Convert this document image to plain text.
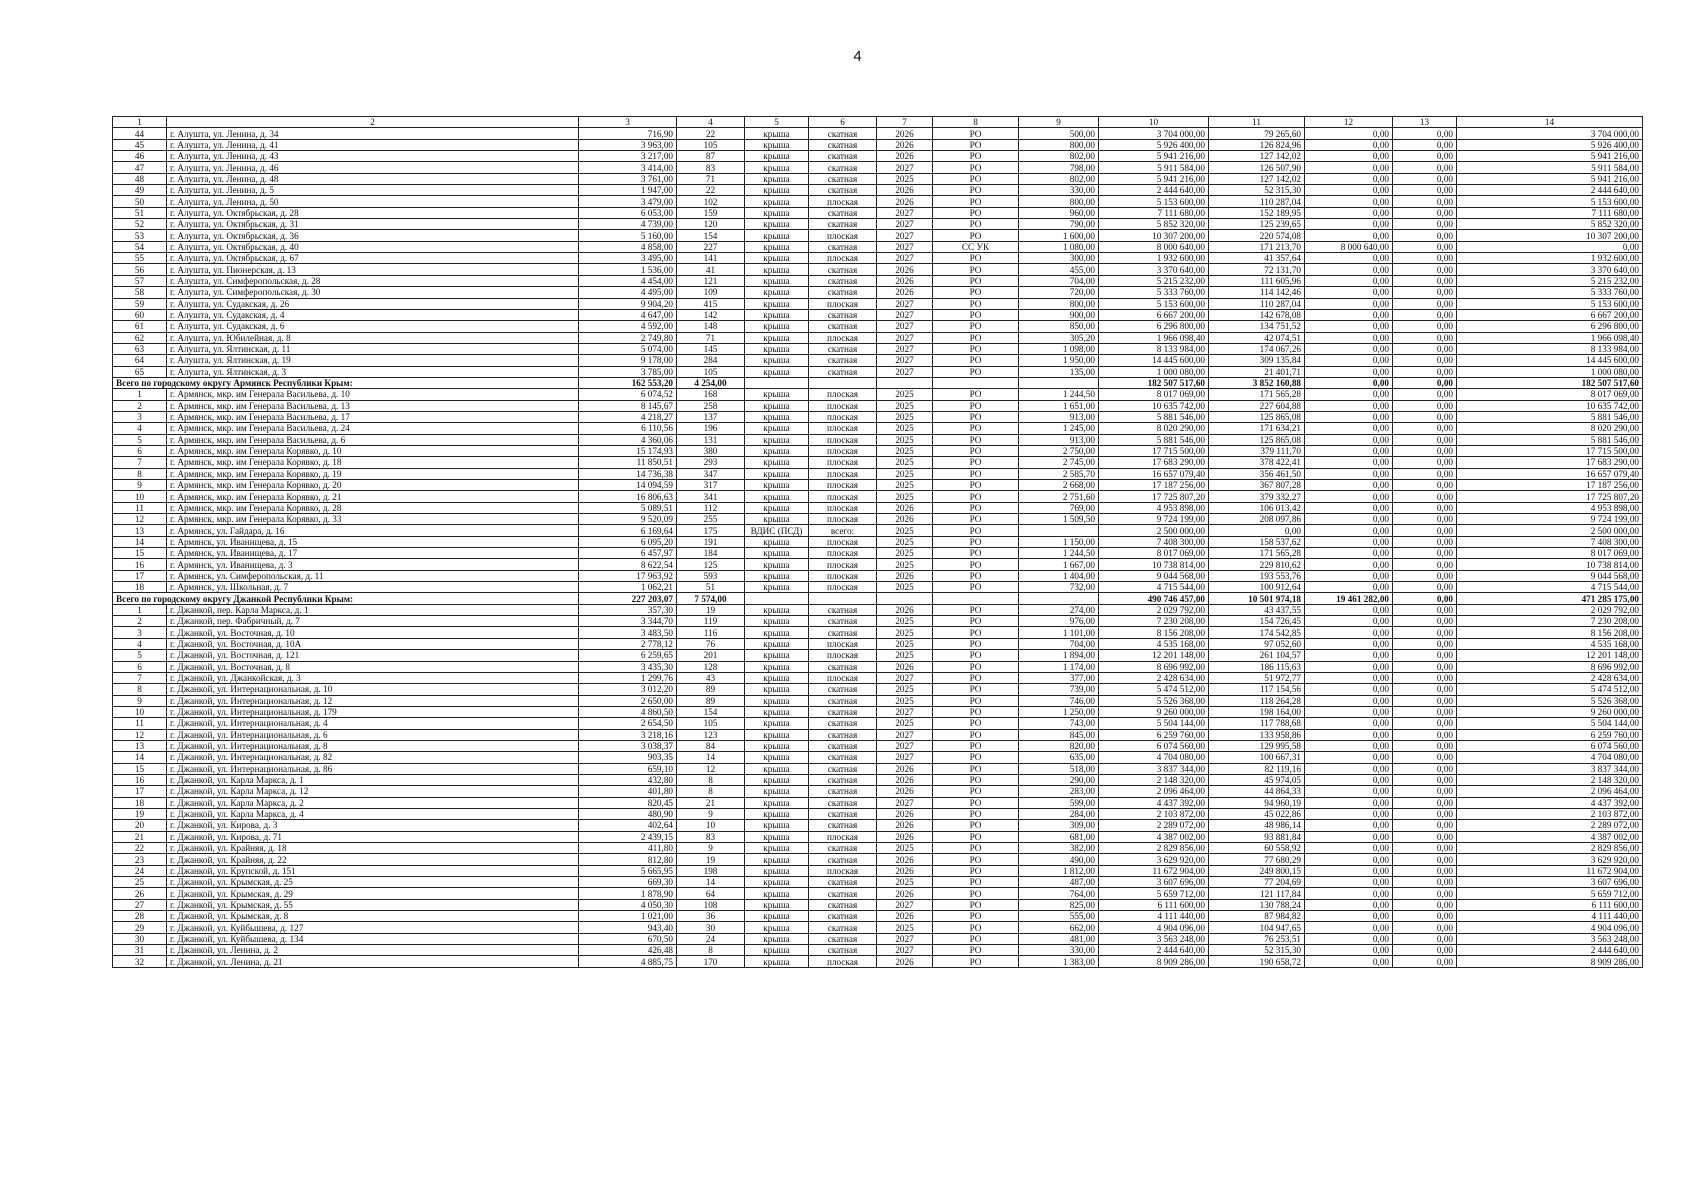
4
1	2	3	4	5	6	7	8	9	10	11	12	13	14
44	г. Алушта, ул. Ленина, д. 34	716,90	22	крыша	скатная	2026	РО	500,00	3 704 000,00	79 265,60	0,00	0,00	3 704 000,00
45	г. Алушта, ул. Ленина, д. 41	3 963,00	105	крыша	скатная	2026	РО	800,00	5 926 400,00	126 824,96	0,00	0,00	5 926 400,00
46	г. Алушта, ул. Ленина, д. 43	3 217,00	87	крыша	скатная	2026	РО	802,00	5 941 216,00	127 142,02	0,00	0,00	5 941 216,00
47	г. Алушта, ул. Ленина, д. 46	3 414,00	83	крыша	скатная	2027	РО	798,00	5 911 584,00	126 507,90	0,00	0,00	5 911 584,00
48	г. Алушта, ул. Ленина, д. 48	3 761,00	71	крыша	скатная	2025	РО	802,00	5 941 216,00	127 142,02	0,00	0,00	5 941 216,00
49	г. Алушта, ул. Ленина, д. 5	1 947,00	22	крыша	скатная	2026	РО	330,00	2 444 640,00	52 315,30	0,00	0,00	2 444 640,00
50	г. Алушта, ул. Ленина, д. 50	3 479,00	102	крыша	плоская	2026	РО	800,00	5 153 600,00	110 287,04	0,00	0,00	5 153 600,00
51	г. Алушта, ул. Октябрьская, д. 28	6 053,00	159	крыша	скатная	2027	РО	960,00	7 111 680,00	152 189,95	0,00	0,00	7 111 680,00
52	г. Алушта, ул. Октябрьская, д. 31	4 739,00	120	крыша	скатная	2027	РО	790,00	5 852 320,00	125 239,65	0,00	0,00	5 852 320,00
53	г. Алушта, ул. Октябрьская, д. 36	5 160,00	154	крыша	плоская	2027	РО	1 600,00	10 307 200,00	220 574,08	0,00	0,00	10 307 200,00
54	г. Алушта, ул. Октябрьская, д. 40	4 858,00	227	крыша	скатная	2027	СС УК	1 080,00	8 000 640,00	171 213,70	8 000 640,00	0,00	0,00
55	г. Алушта, ул. Октябрьская, д. 67	3 495,00	141	крыша	плоская	2027	РО	300,00	1 932 600,00	41 357,64	0,00	0,00	1 932 600,00
56	г. Алушта, ул. Пионерская, д. 13	1 536,00	41	крыша	скатная	2026	РО	455,00	3 370 640,00	72 131,70	0,00	0,00	3 370 640,00
57	г. Алушта, ул. Симферопольская, д. 28	4 454,00	121	крыша	скатная	2026	РО	704,00	5 215 232,00	111 605,96	0,00	0,00	5 215 232,00
58	г. Алушта, ул. Симферопольская, д. 30	4 495,00	109	крыша	скатная	2026	РО	720,00	5 333 760,00	114 142,46	0,00	0,00	5 333 760,00
59	г. Алушта, ул. Судакская, д. 26	9 904,20	415	крыша	плоская	2027	РО	800,00	5 153 600,00	110 287,04	0,00	0,00	5 153 600,00
60	г. Алушта, ул. Судакская, д. 4	4 647,00	142	крыша	скатная	2027	РО	900,00	6 667 200,00	142 678,08	0,00	0,00	6 667 200,00
61	г. Алушта, ул. Судакская, д. 6	4 592,00	148	крыша	скатная	2027	РО	850,00	6 296 800,00	134 751,52	0,00	0,00	6 296 800,00
62	г. Алушта, ул. Юбилейная, д. 8	2 749,80	71	крыша	плоская	2027	РО	305,20	1 966 098,40	42 074,51	0,00	0,00	1 966 098,40
63	г. Алушта, ул. Ялтинская, д. 11	5 074,00	145	крыша	скатная	2027	РО	1 098,00	8 133 984,00	174 067,26	0,00	0,00	8 133 984,00
64	г. Алушта, ул. Ялтинская, д. 19	9 178,00	284	крыша	скатная	2027	РО	1 950,00	14 445 600,00	309 135,84	0,00	0,00	14 445 600,00
65	г. Алушта, ул. Ялтинская, д. 3	3 785,00	105	крыша	скатная	2027	РО	135,00	1 000 080,00	21 401,71	0,00	0,00	1 000 080,00
Всего по городскому округу Армянск Республики Крым:		162 553,20	4 254,00						182 507 517,60	3 852 160,88	0,00	0,00	182 507 517,60
1	г. Армянск, мкр. им Генерала Васильева, д. 10	6 074,52	168	крыша	плоская	2025	РО	1 244,50	8 017 069,00	171 565,28	0,00	0,00	8 017 069,00
2	г. Армянск, мкр. им Генерала Васильева, д. 13	8 145,67	258	крыша	плоская	2025	РО	1 651,00	10 635 742,00	227 604,88	0,00	0,00	10 635 742,00
3	г. Армянск, мкр. им Генерала Васильева, д. 17	4 218,27	137	крыша	плоская	2025	РО	913,00	5 881 546,00	125 865,08	0,00	0,00	5 881 546,00
4	г. Армянск, мкр. им Генерала Васильева, д. 24	6 110,56	196	крыша	плоская	2025	РО	1 245,00	8 020 290,00	171 634,21	0,00	0,00	8 020 290,00
5	г. Армянск, мкр. им Генерала Васильева, д. 6	4 360,06	131	крыша	плоская	2025	РО	913,00	5 881 546,00	125 865,08	0,00	0,00	5 881 546,00
6	г. Армянск, мкр. им Генерала Корявко, д. 10	15 174,93	380	крыша	плоская	2025	РО	2 750,00	17 715 500,00	379 111,70	0,00	0,00	17 715 500,00
7	г. Армянск, мкр. им Генерала Корявко, д. 18	11 850,51	293	крыша	плоская	2025	РО	2 745,00	17 683 290,00	378 422,41	0,00	0,00	17 683 290,00
8	г. Армянск, мкр. им Генерала Корявко, д. 19	14 736,38	347	крыша	плоская	2025	РО	2 585,70	16 657 079,40	356 461,50	0,00	0,00	16 657 079,40
9	г. Армянск, мкр. им Генерала Корявко, д. 20	14 094,59	317	крыша	плоская	2025	РО	2 668,00	17 187 256,00	367 807,28	0,00	0,00	17 187 256,00
10	г. Армянск, мкр. им Генерала Корявко, д. 21	16 806,63	341	крыша	плоская	2025	РО	2 751,60	17 725 807,20	379 332,27	0,00	0,00	17 725 807,20
11	г. Армянск, мкр. им Генерала Корявко, д. 28	5 089,51	112	крыша	плоская	2026	РО	769,00	4 953 898,00	106 013,42	0,00	0,00	4 953 898,00
12	г. Армянск, мкр. им Генерала Корявко, д. 33	9 520,09	255	крыша	плоская	2026	РО	1 509,50	9 724 199,00	208 097,86	0,00	0,00	9 724 199,00
13	г. Армянск, ул. Гайдара, д. 16	6 169,64	175	ВДИС (ПСД)	всего:	2025	РО		2 500 000,00	0,00	0,00	0,00	2 500 000,00
14	г. Армянск, ул. Иванищева, д. 15	6 095,20	191	крыша	плоская	2025	РО	1 150,00	7 408 300,00	158 537,62	0,00	0,00	7 408 300,00
15	г. Армянск, ул. Иванищева, д. 17	6 457,97	184	крыша	плоская	2025	РО	1 244,50	8 017 069,00	171 565,28	0,00	0,00	8 017 069,00
16	г. Армянск, ул. Иванищева, д. 3	8 622,54	125	крыша	плоская	2025	РО	1 667,00	10 738 814,00	229 810,62	0,00	0,00	10 738 814,00
17	г. Армянск, ул. Симферопольская, д. 11	17 963,92	593	крыша	плоская	2026	РО	1 404,00	9 044 568,00	193 553,76	0,00	0,00	9 044 568,00
18	г. Армянск, ул. Школьная, д. 7	1 062,21	51	крыша	плоская	2025	РО	732,00	4 715 544,00	100 912,64	0,00	0,00	4 715 544,00
Всего по городскому округу Джанкой Республики Крым:		227 203,07	7 574,00						490 746 457,00	10 501 974,18	19 461 282,00	0,00	471 285 175,00
1	г. Джанкой, пер. Карла Маркса, д. 1	357,30	19	крыша	скатная	2026	РО	274,00	2 029 792,00	43 437,55	0,00	0,00	2 029 792,00
2	г. Джанкой, пер. Фабричный, д. 7	3 344,70	119	крыша	скатная	2025	РО	976,00	7 230 208,00	154 726,45	0,00	0,00	7 230 208,00
3	г. Джанкой, ул. Восточная, д. 10	3 483,50	116	крыша	скатная	2025	РО	1 101,00	8 156 208,00	174 542,85	0,00	0,00	8 156 208,00
4	г. Джанкой, ул. Восточная, д. 10А	2 778,12	76	крыша	плоская	2025	РО	704,00	4 535 168,00	97 052,60	0,00	0,00	4 535 168,00
5	г. Джанкой, ул. Восточная, д. 121	6 259,65	201	крыша	плоская	2025	РО	1 894,00	12 201 148,00	261 104,57	0,00	0,00	12 201 148,00
6	г. Джанкой, ул. Восточная, д. 8	3 435,30	128	крыша	скатная	2026	РО	1 174,00	8 696 992,00	186 115,63	0,00	0,00	8 696 992,00
7	г. Джанкой, ул. Джанкойская, д. 3	1 299,76	43	крыша	плоская	2027	РО	377,00	2 428 634,00	51 972,77	0,00	0,00	2 428 634,00
8	г. Джанкой, ул. Интернациональная, д. 10	3 012,20	89	крыша	скатная	2025	РО	739,00	5 474 512,00	117 154,56	0,00	0,00	5 474 512,00
9	г. Джанкой, ул. Интернациональная, д. 12	2 650,00	89	крыша	скатная	2025	РО	746,00	5 526 368,00	118 264,28	0,00	0,00	5 526 368,00
10	г. Джанкой, ул. Интернациональная, д. 179	4 860,50	154	крыша	скатная	2027	РО	1 250,00	9 260 000,00	198 164,00	0,00	0,00	9 260 000,00
11	г. Джанкой, ул. Интернациональная, д. 4	2 654,50	105	крыша	скатная	2025	РО	743,00	5 504 144,00	117 788,68	0,00	0,00	5 504 144,00
12	г. Джанкой, ул. Интернациональная, д. 6	3 218,16	123	крыша	скатная	2027	РО	845,00	6 259 760,00	133 958,86	0,00	0,00	6 259 760,00
13	г. Джанкой, ул. Интернациональная, д. 8	3 038,37	84	крыша	скатная	2027	РО	820,00	6 074 560,00	129 995,58	0,00	0,00	6 074 560,00
14	г. Джанкой, ул. Интернациональная, д. 82	903,35	14	крыша	скатная	2027	РО	635,00	4 704 080,00	100 667,31	0,00	0,00	4 704 080,00
15	г. Джанкой, ул. Интернациональная, д. 86	659,10	12	крыша	скатная	2026	РО	518,00	3 837 344,00	82 119,16	0,00	0,00	3 837 344,00
16	г. Джанкой, ул. Карла Маркса, д. 1	432,80	8	крыша	скатная	2026	РО	290,00	2 148 320,00	45 974,05	0,00	0,00	2 148 320,00
17	г. Джанкой, ул. Карла Маркса, д. 12	401,80	8	крыша	скатная	2026	РО	283,00	2 096 464,00	44 864,33	0,00	0,00	2 096 464,00
18	г. Джанкой, ул. Карла Маркса, д. 2	820,45	21	крыша	скатная	2027	РО	599,00	4 437 392,00	94 960,19	0,00	0,00	4 437 392,00
19	г. Джанкой, ул. Карла Маркса, д. 4	480,90	9	крыша	скатная	2026	РО	284,00	2 103 872,00	45 022,86	0,00	0,00	2 103 872,00
20	г. Джанкой, ул. Кирова, д. 3	402,64	10	крыша	скатная	2026	РО	309,00	2 289 072,00	48 986,14	0,00	0,00	2 289 072,00
21	г. Джанкой, ул. Кирова, д. 71	2 439,15	83	крыша	плоская	2026	РО	681,00	4 387 002,00	93 881,84	0,00	0,00	4 387 002,00
22	г. Джанкой, ул. Крайняя, д. 18	411,80	9	крыша	скатная	2025	РО	382,00	2 829 856,00	60 558,92	0,00	0,00	2 829 856,00
23	г. Джанкой, ул. Крайняя, д. 22	812,80	19	крыша	скатная	2026	РО	490,00	3 629 920,00	77 680,29	0,00	0,00	3 629 920,00
24	г. Джанкой, ул. Крупской, д. 151	5 665,95	198	крыша	плоская	2026	РО	1 812,00	11 672 904,00	249 800,15	0,00	0,00	11 672 904,00
25	г. Джанкой, ул. Крымская, д. 25	669,30	14	крыша	скатная	2025	РО	487,00	3 607 696,00	77 204,69	0,00	0,00	3 607 696,00
26	г. Джанкой, ул. Крымская, д. 29	1 878,90	64	крыша	скатная	2026	РО	764,00	5 659 712,00	121 117,84	0,00	0,00	5 659 712,00
27	г. Джанкой, ул. Крымская, д. 55	4 050,30	108	крыша	скатная	2027	РО	825,00	6 111 600,00	130 788,24	0,00	0,00	6 111 600,00
28	г. Джанкой, ул. Крымская, д. 8	1 021,00	36	крыша	скатная	2026	РО	555,00	4 111 440,00	87 984,82	0,00	0,00	4 111 440,00
29	г. Джанкой, ул. Куйбышева, д. 127	943,40	30	крыша	скатная	2025	РО	662,00	4 904 096,00	104 947,65	0,00	0,00	4 904 096,00
30	г. Джанкой, ул. Куйбышева, д. 134	670,50	24	крыша	скатная	2027	РО	481,00	3 563 248,00	76 253,51	0,00	0,00	3 563 248,00
31	г. Джанкой, ул. Ленина, д. 2	426,48	8	крыша	скатная	2027	РО	330,00	2 444 640,00	52 315,30	0,00	0,00	2 444 640,00
32	г. Джанкой, ул. Ленина, д. 21	4 885,75	170	крыша	плоская	2026	РО	1 383,00	8 909 286,00	190 658,72	0,00	0,00	8 909 286,00
